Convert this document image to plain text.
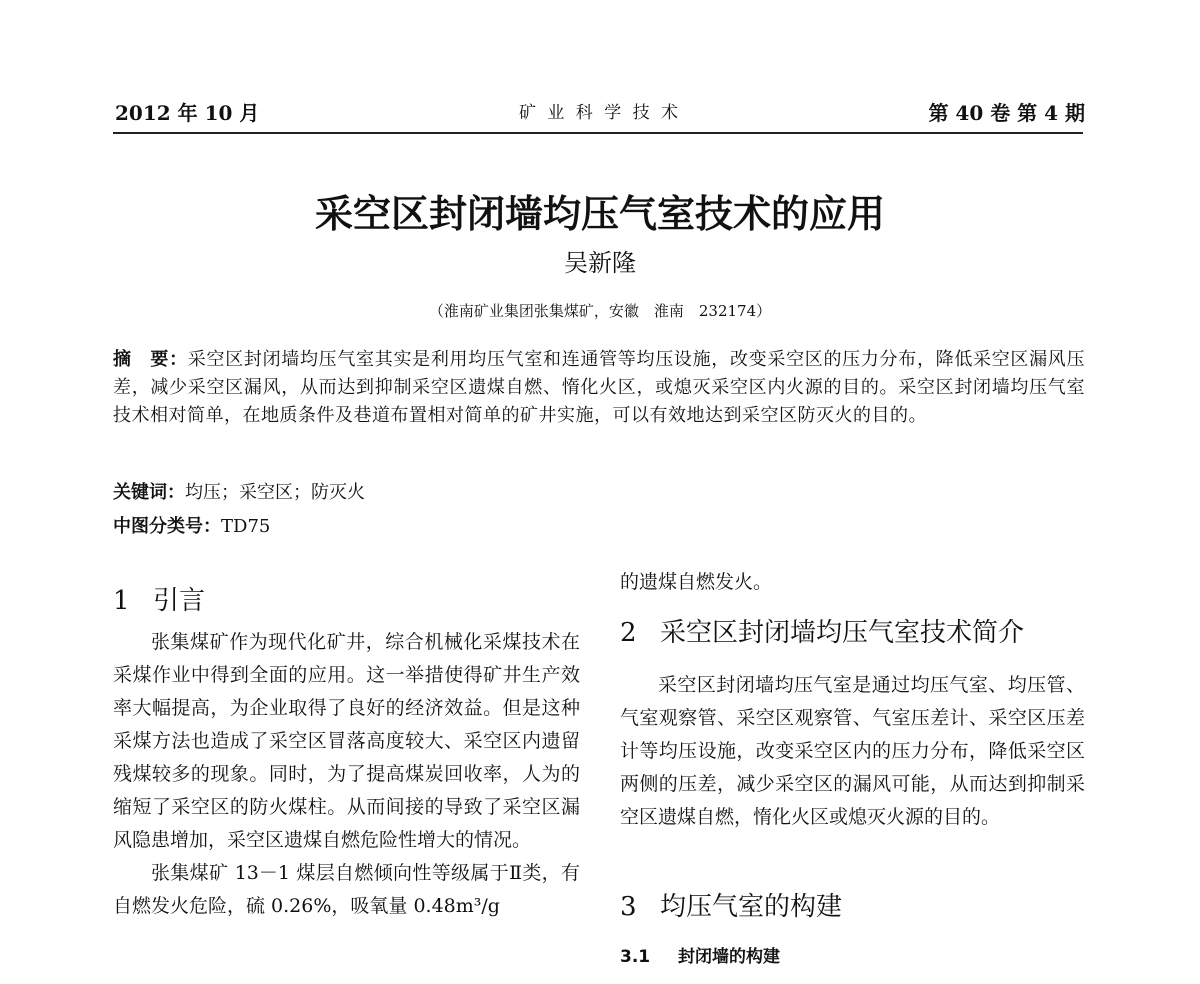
矿 业 科 学 技 术
2012 年 10 月	第 40 卷 第 4 期
采空区封闭墙均压气室技术的应用
吴新隆
（淮南矿业集团张集煤矿，安徽　淮南　232174）
摘　要：采空区封闭墙均压气室其实是利用均压气室和连通管等均压设施，改变采空区的压力分布，降低采空区漏风压差，减少采空区漏风，从而达到抑制采空区遗煤自燃、惰化火区，或熄灭采空区内火源的目的。采空区封闭墙均压气室技术相对简单，在地质条件及巷道布置相对简单的矿井实施，可以有效地达到采空区防灭火的目的。
关键词：均压；采空区；防灭火
中图分类号：TD75
1 引言

张集煤矿作为现代化矿井，综合机械化采煤技术在采煤作业中得到全面的应用。这一举措使得矿井生产效率大幅提高，为企业取得了良好的经济效益。但是这种采煤方法也造成了采空区冒落高度较大、采空区内遗留残煤较多的现象。同时，为了提高煤炭回收率，人为的缩短了采空区的防火煤柱。从而间接的导致了采空区漏风隐患增加，采空区遗煤自燃危险性增大的情况。

张集煤矿 13－1 煤层自燃倾向性等级属于Ⅱ类，有自燃发火危险，硫 0.26%，吸氧量 0.48m³/g

的遗煤自燃发火。
2 采空区封闭墙均压气室技术简介

采空区封闭墙均压气室是通过均压气室、均压管、气室观察管、采空区观察管、气室压差计、采空区压差计等均压设施，改变采空区内的压力分布，降低采空区两侧的压差，减少采空区的漏风可能，从而达到抑制采空区遗煤自燃，惰化火区或熄灭火源的目的。

3 均压气室的构建
3.1 封闭墙的构建
